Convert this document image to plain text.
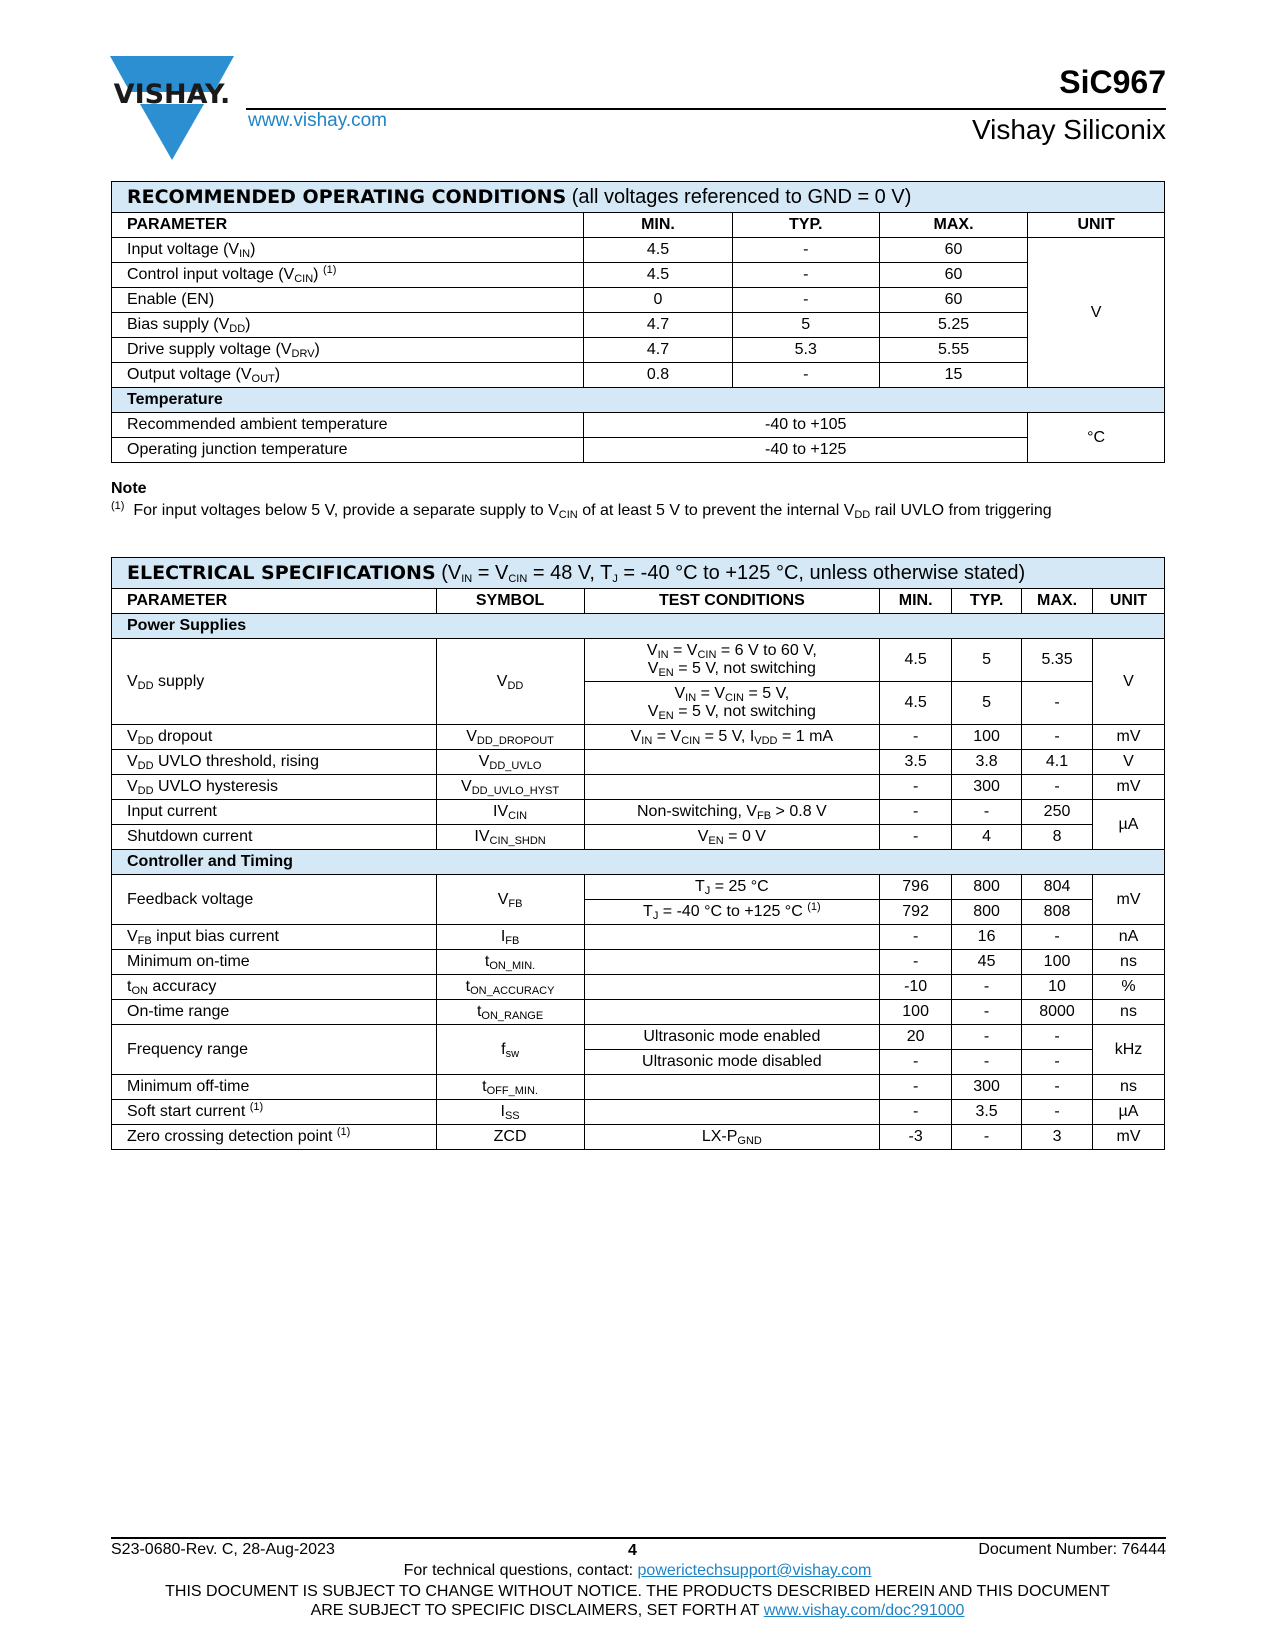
VISHAY.
www.vishay.com
SiC967
Vishay Siliconix
RECOMMENDED OPERATING CONDITIONS (all voltages referenced to GND = 0 V)				
PARAMETER	MIN.	TYP.	MAX.	UNIT
Input voltage $(V_{IN})$	4.5	-	60	V
Control input voltage $(V_{CIN})$ $^{(1)}$	4.5	-	60	
Enable (EN)	0	-	60	
Bias supply $(V_{DD})$	4.7	5	5.25	
Drive supply voltage $(V_{DRV})$	4.7	5.3	5.55	
Output voltage $(V_{OUT})$	0.8	-	15	
Temperature				
Recommended ambient temperature	-40 to +105			°C
Operating junction temperature	-40 to +125			
Note
$^{(1)}$ For input voltages below 5 V, provide a separate supply to $V_{CIN}$ of at least 5 V to prevent the internal $V_{DD}$ rail UVLO from triggering
ELECTRICAL SPECIFICATIONS ($V_{IN} = V_{CIN} = 48$ V, $T_J = -40$ °C to +125 °C, unless otherwise stated)						
PARAMETER	SYMBOL	TEST CONDITIONS	MIN.	TYP.	MAX.	UNIT
Power Supplies						
$V_{DD}$ supply	$V_{DD}$	$V_{IN} = V_{CIN} = 6$ V to 60 V,
$V_{EN} = 5$ V, not switching	4.5	5	5.35	V
		$V_{IN} = V_{CIN} = 5$ V,
$V_{EN} = 5$ V, not switching	4.5	5	-	
$V_{DD}$ dropout	$V_{DD\_DROPOUT}$	$V_{IN} = V_{CIN} = 5$ V, $I_{VDD} = 1$ mA	-	100	-	mV
$V_{DD}$ UVLO threshold, rising	$V_{DD\_UVLO}$		3.5	3.8	4.1	V
$V_{DD}$ UVLO hysteresis	$V_{DD\_UVLO\_HYST}$		-	300	-	mV
Input current	$IV_{CIN}$	Non-switching, $V_{FB} > 0.8$ V	-	-	250	µA
Shutdown current	$IV_{CIN\_SHDN}$	$V_{EN} = 0$ V	-	4	8	
Controller and Timing						
Feedback voltage	$V_{FB}$	$T_J = 25$ °C	796	800	804	mV
		$T_J = -40$ °C to +125 °C $^{(1)}$	792	800	808	
$V_{FB}$ input bias current	$I_{FB}$		-	16	-	nA
Minimum on-time	$t_{ON\_MIN.}$		-	45	100	ns
$t_{ON}$ accuracy	$t_{ON\_ACCURACY}$		-10	-	10	%
On-time range	$t_{ON\_RANGE}$		100	-	8000	ns
Frequency range	$f_{sw}$	Ultrasonic mode enabled	20	-	-	kHz
		Ultrasonic mode disabled	-	-	-	
Minimum off-time	$t_{OFF\_MIN.}$		-	300	-	ns
Soft start current $^{(1)}$	$I_{SS}$		-	3.5	-	µA
Zero crossing detection point $^{(1)}$	ZCD	$LX-P_{GND}$	-3	-	3	mV
S23-0680-Rev. C, 28-Aug-2023	4	Document Number: 76444
For technical questions, contact: powerictechsupport@vishay.com
THIS DOCUMENT IS SUBJECT TO CHANGE WITHOUT NOTICE. THE PRODUCTS DESCRIBED HEREIN AND THIS DOCUMENT
ARE SUBJECT TO SPECIFIC DISCLAIMERS, SET FORTH AT www.vishay.com/doc?91000
